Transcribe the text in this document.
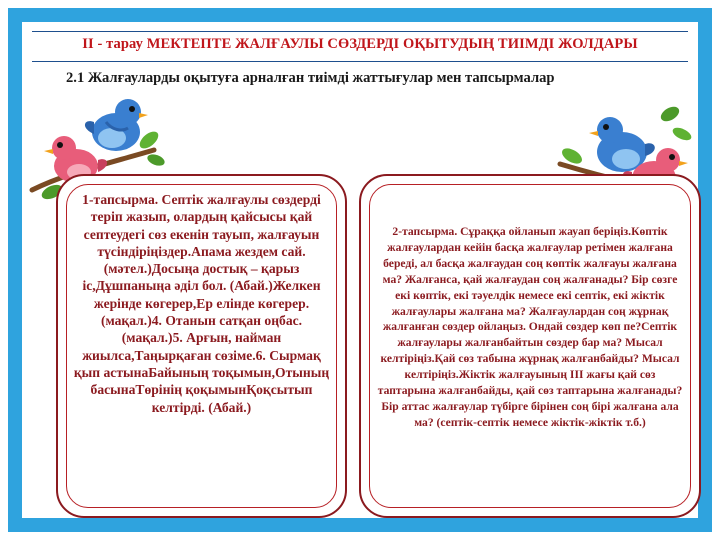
ІІ - тарау МЕКТЕПТЕ ЖАЛҒАУЛЫ СӨЗДЕРДІ ОҚЫТУДЫҢ ТИІМДІ ЖОЛДАРЫ
2.1 Жалғауларды оқытуға арналған тиімді жаттығулар мен тапсырмалар
1-тапсырма. Септік жалғаулы сөздерді теріп жазып, олардың қайсысы қай септеудегі сөз екенін тауып, жалғауын түсіндіріңіздер.Апама жездем сай. (мәтел.)Досыңа достық – қарыз іс,Дұшпаныңа әділ бол. (Абай.)Желкен жерінде көгерер,Ер елінде көгерер. (мақал.)4. Отанын сатқан оңбас. (мақал.)5. Арғын, найман жиылса,Таңырқаған сөзіме.6. Сырмақ қып астынаБайының тоқымын,Отының басынаТөрінің қоқымынҚоқсытып келтірді. (Абай.)
2-тапсырма. Сұраққа ойланып жауап беріңіз.Көптік жалғаулардан кейін басқа жалғаулар ретімен жалғана береді, ал басқа жалғаудан соң көптік жалғауы жалғана ма? Жалғанса, қай жалғаудан соң жалғанады? Бір сөзге екі көптік, екі тәуелдік немесе екі септік, екі жіктік жалғаулары жалғана ма? Жалғаулардан соң жұрнақ жалғанған сөздер ойлаңыз. Ондай сөздер көп пе?Септік жалғаулары жалғанбайтын сөздер бар ма? Мысал келтіріңіз.Қай сөз табына жұрнақ жалғанбайды? Мысал келтіріңіз.Жіктік жалғауының ІІІ жағы қай сөз таптарына жалғанбайды, қай сөз таптарына жалғанады?Бір аттас жалғаулар түбірге бірінен соң бірі жалғана ала ма? (септік-септік немесе жіктік-жіктік т.б.)
